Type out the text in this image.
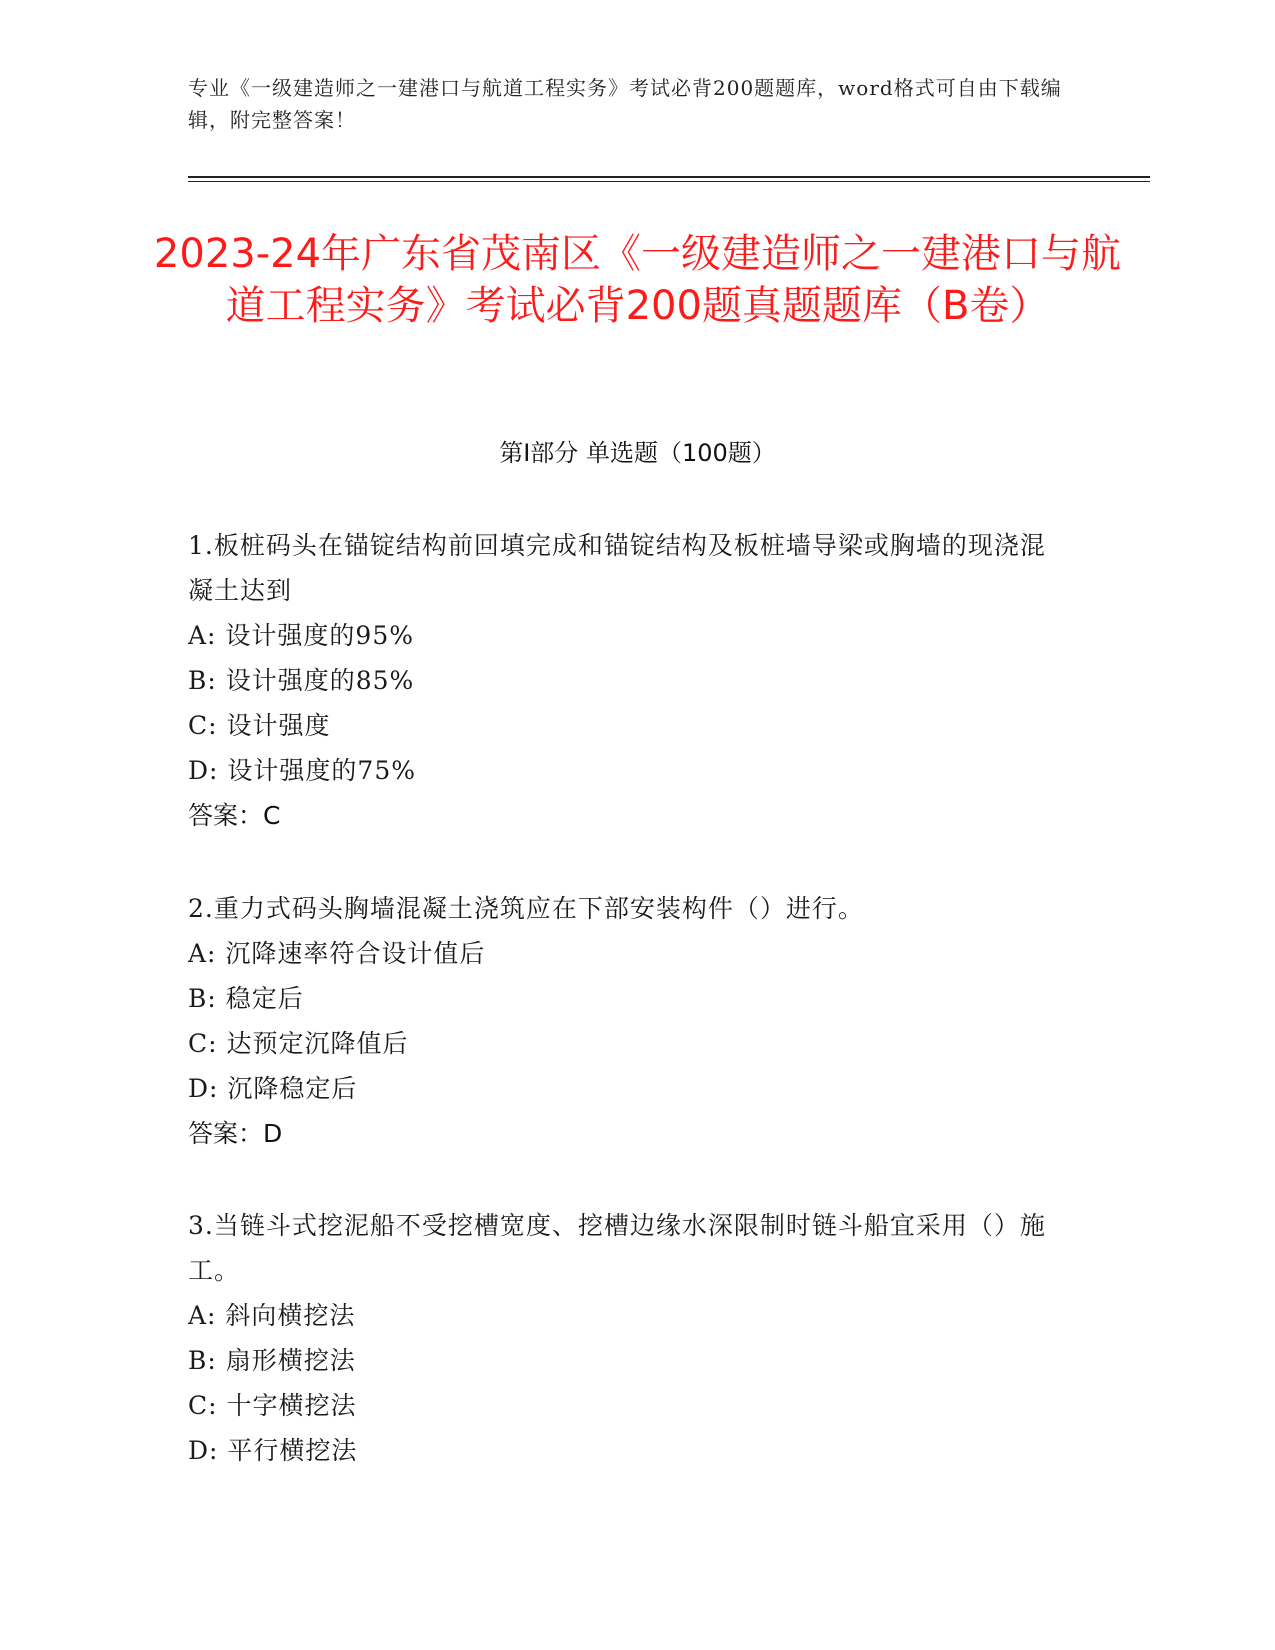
专业《一级建造师之一建港口与航道工程实务》考试必背200题题库，word格式可自由下载编辑，附完整答案！
2023-24年广东省茂南区《一级建造师之一建港口与航道工程实务》考试必背200题真题题库（B卷）
第I部分 单选题（100题）
1.板桩码头在锚锭结构前回填完成和锚锭结构及板桩墙导梁或胸墙的现浇混凝土达到
A: 设计强度的95%
B: 设计强度的85%
C: 设计强度
D: 设计强度的75%
答案：C
2.重力式码头胸墙混凝土浇筑应在下部安装构件（）进行。
A: 沉降速率符合设计值后
B: 稳定后
C: 达预定沉降值后
D: 沉降稳定后
答案：D
3.当链斗式挖泥船不受挖槽宽度、挖槽边缘水深限制时链斗船宜采用（）施工。
A: 斜向横挖法
B: 扇形横挖法
C: 十字横挖法
D: 平行横挖法
